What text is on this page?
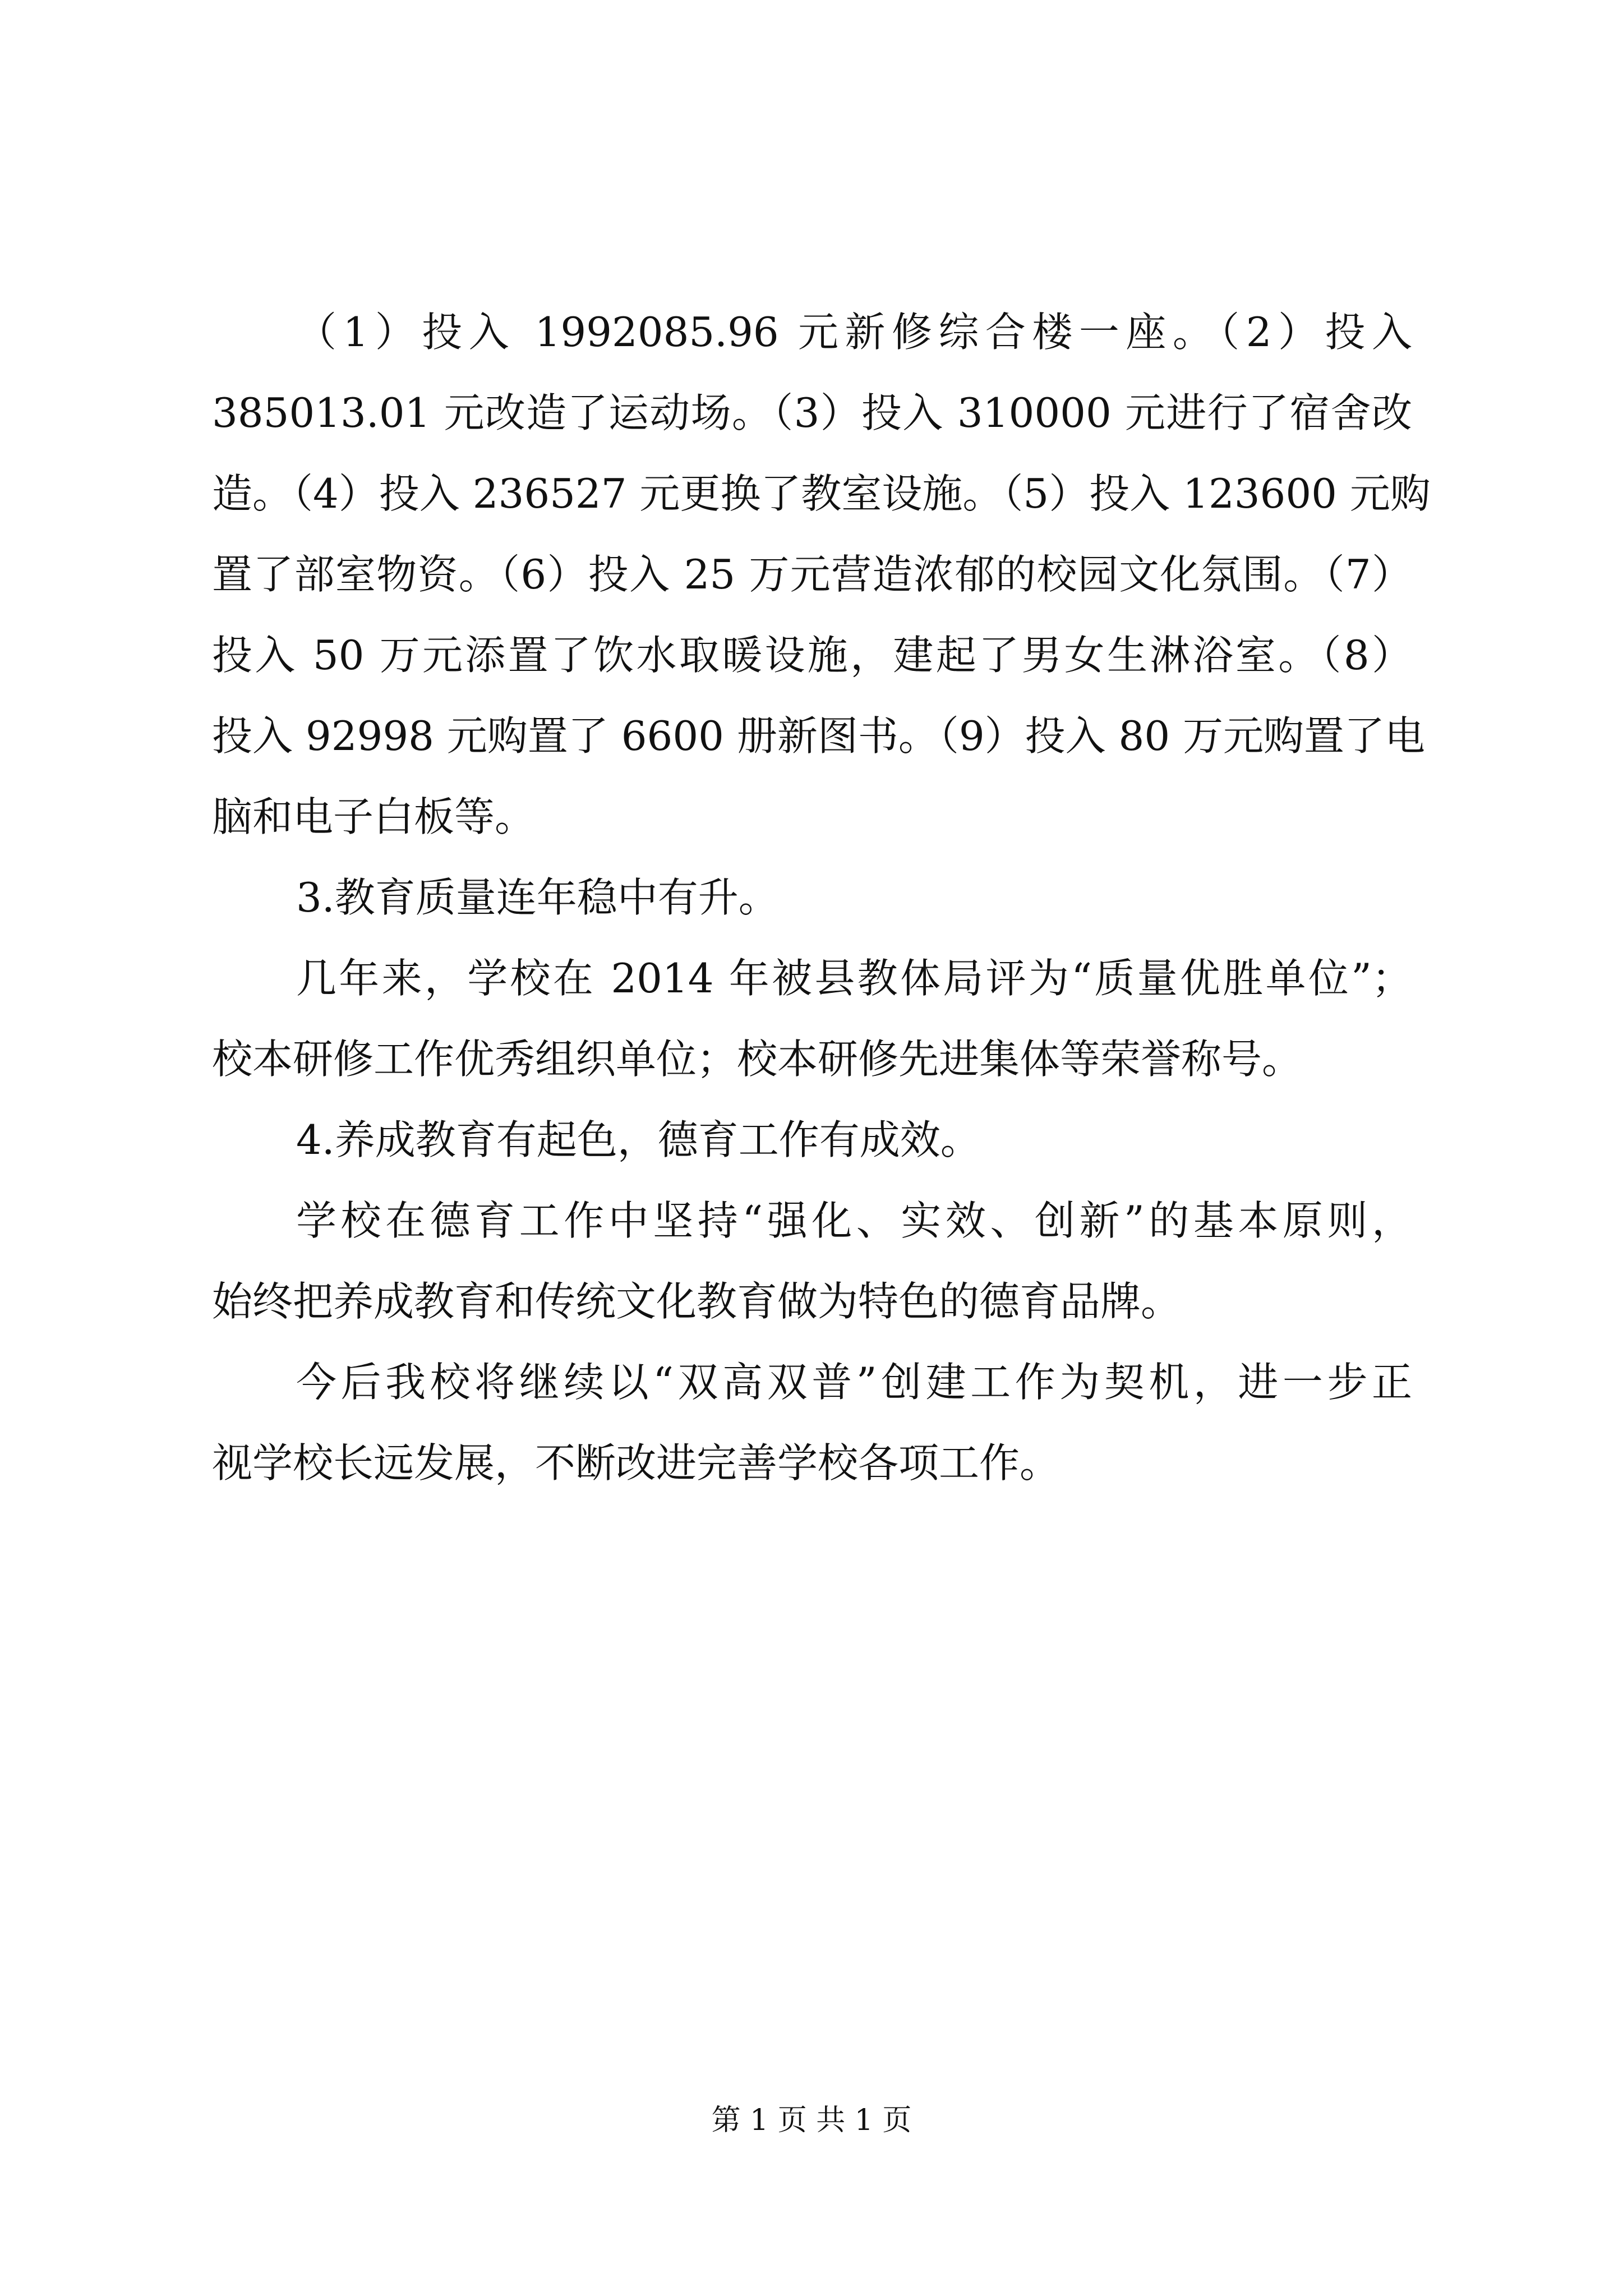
（1）投入 1992085.96 元新修综合楼一座。（2）投入
385013.01 元改造了运动场。（3）投入 310000 元进行了宿舍改
造。（4）投入 236527 元更换了教室设施。（5）投入 123600 元购
置了部室物资。（6）投入 25 万元营造浓郁的校园文化氛围。（7）
投入 50 万元添置了饮水取暖设施，建起了男女生淋浴室。（8）
投入 92998 元购置了 6600 册新图书。（9）投入 80 万元购置了电
脑和电子白板等。
3.教育质量连年稳中有升。
几年来，学校在 2014 年被县教体局评为“质量优胜单位”；
校本研修工作优秀组织单位；校本研修先进集体等荣誉称号。
4.养成教育有起色，德育工作有成效。
学校在德育工作中坚持“强化、实效、创新”的基本原则，
始终把养成教育和传统文化教育做为特色的德育品牌。
今后我校将继续以“双高双普”创建工作为契机，进一步正
视学校长远发展，不断改进完善学校各项工作。
第 1 页 共 1 页
